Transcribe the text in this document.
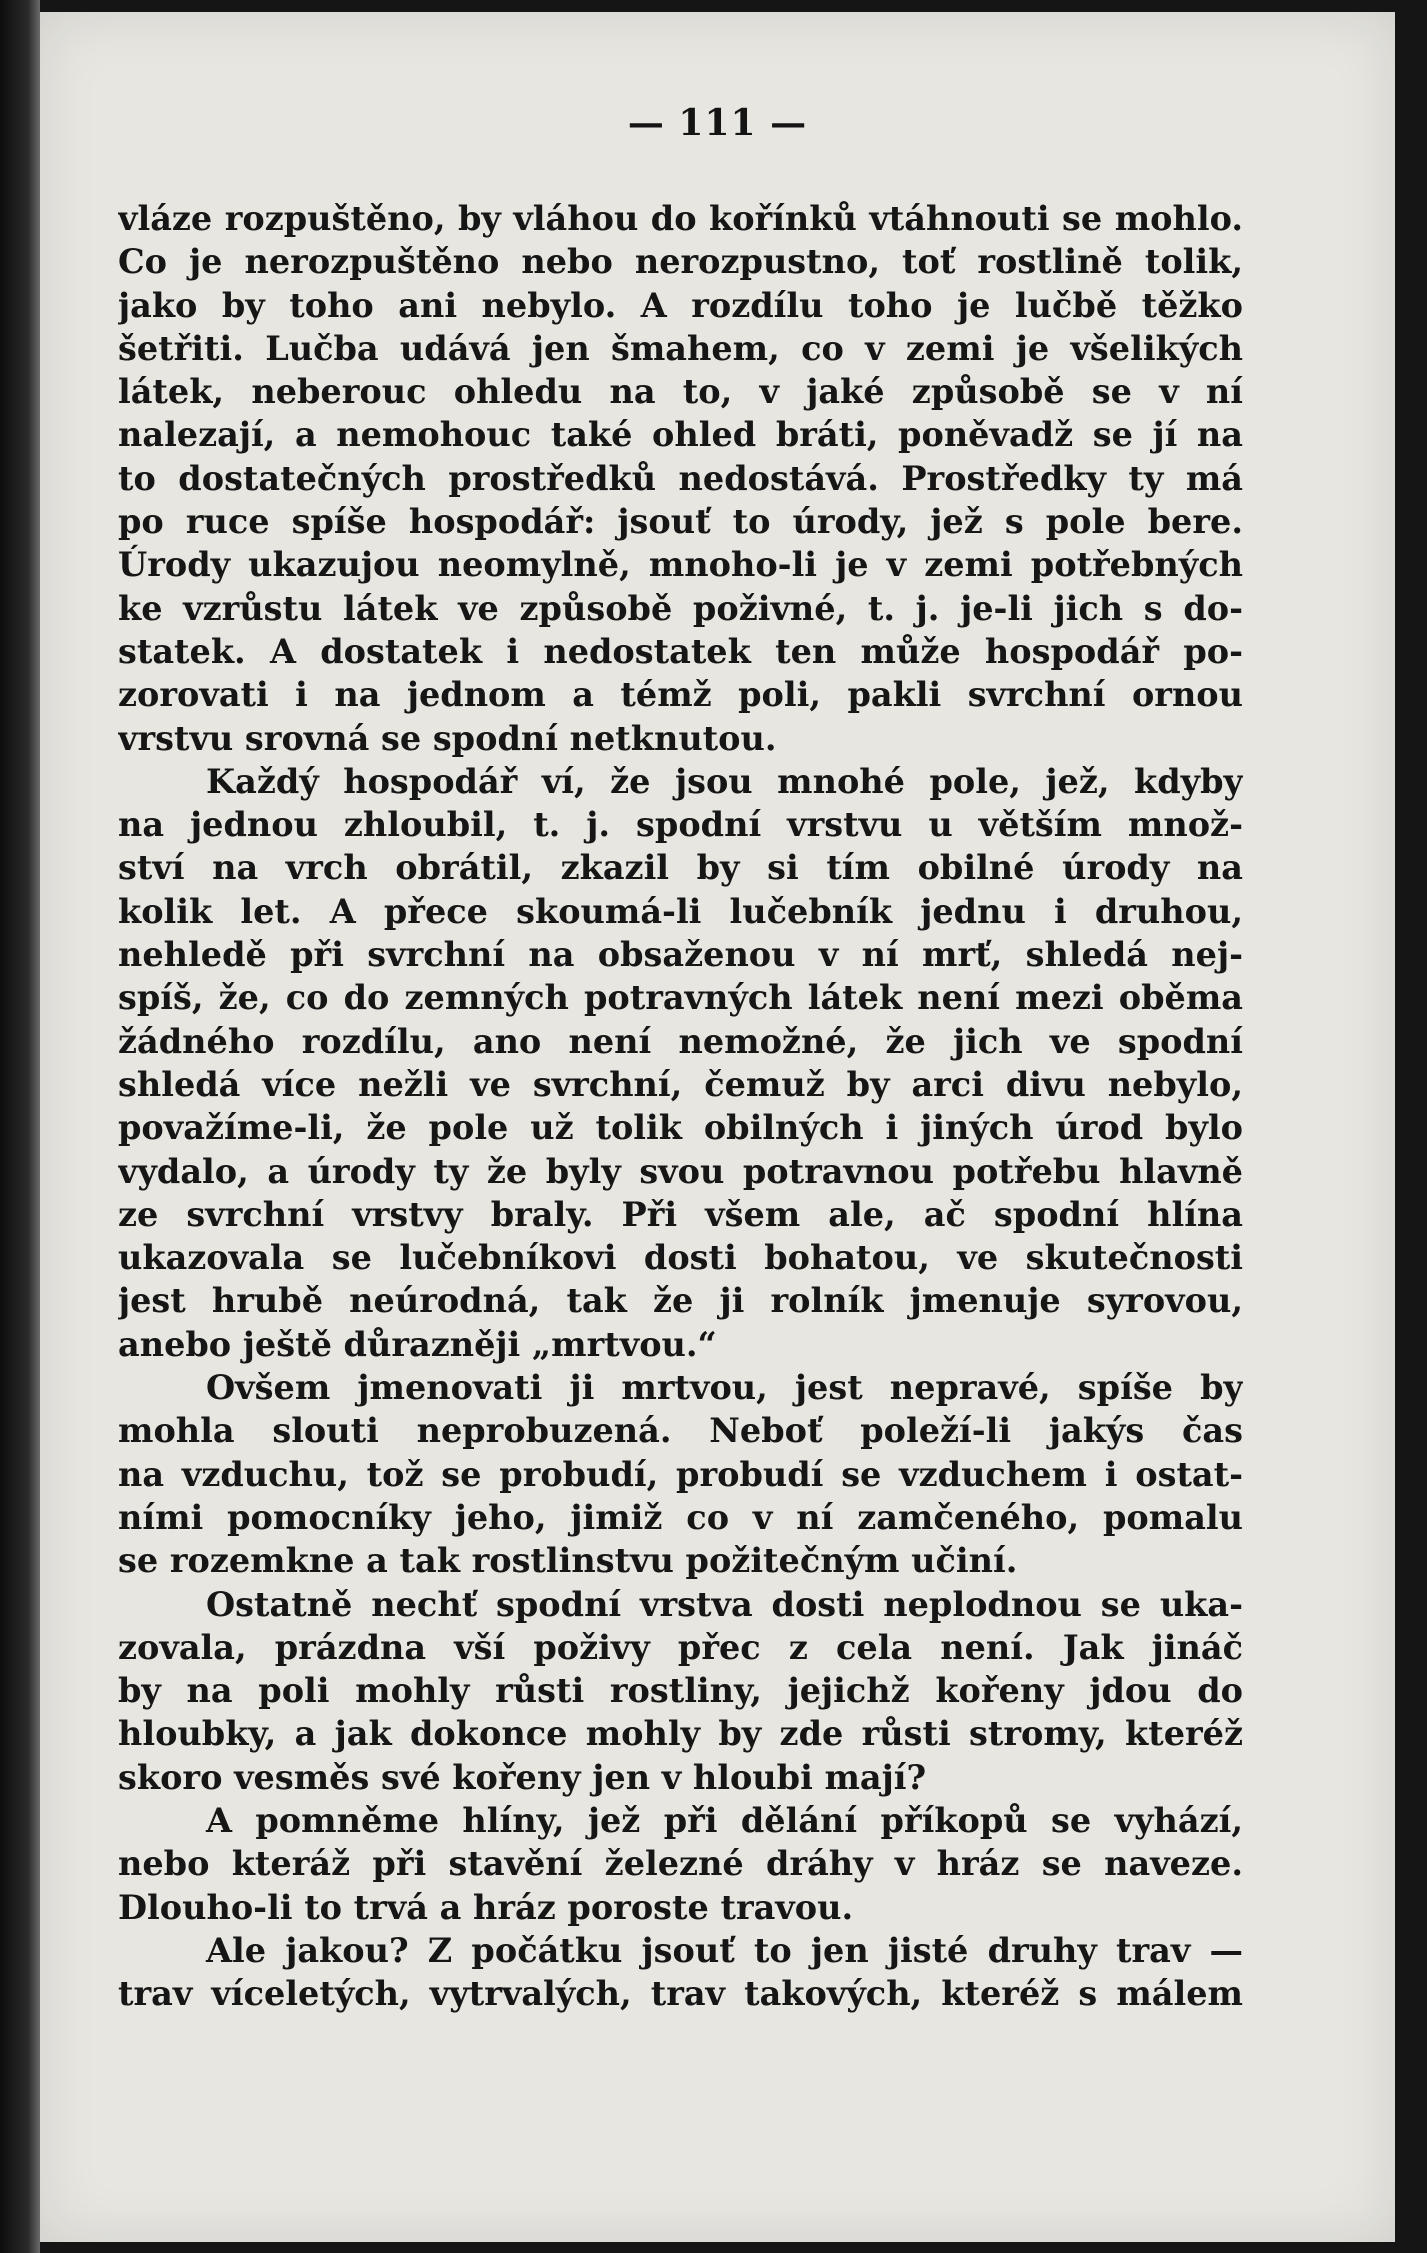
— 111 —
vláze rozpuštěno, by vláhou do kořínků vtáhnouti se mohlo.
Co je nerozpuštěno nebo nerozpustno, toť rostlině tolik,
jako by toho ani nebylo. A rozdílu toho je lučbě těžko
šetřiti. Lučba udává jen šmahem, co v zemi je všelikých
látek, neberouc ohledu na to, v jaké způsobě se v ní
nalezají, a nemohouc také ohled bráti, poněvadž se jí na
to dostatečných prostředků nedostává. Prostředky ty má
po ruce spíše hospodář: jsouť to úrody, jež s pole bere.
Úrody ukazujou neomylně, mnoho-li je v zemi potřebných
ke vzrůstu látek ve způsobě poživné, t. j. je-li jich s do-
statek. A dostatek i nedostatek ten může hospodář po-
zorovati i na jednom a témž poli, pakli svrchní ornou
vrstvu srovná se spodní netknutou.
Každý hospodář ví, že jsou mnohé pole, jež, kdyby
na jednou zhloubil, t. j. spodní vrstvu u větším množ-
ství na vrch obrátil, zkazil by si tím obilné úrody na
kolik let. A přece skoumá-li lučebník jednu i druhou,
nehledě při svrchní na obsaženou v ní mrť, shledá nej-
spíš, že, co do zemných potravných látek není mezi oběma
žádného rozdílu, ano není nemožné, že jich ve spodní
shledá více nežli ve svrchní, čemuž by arci divu nebylo,
považíme-li, že pole už tolik obilných i jiných úrod bylo
vydalo, a úrody ty že byly svou potravnou potřebu hlavně
ze svrchní vrstvy braly. Při všem ale, ač spodní hlína
ukazovala se lučebníkovi dosti bohatou, ve skutečnosti
jest hrubě neúrodná, tak že ji rolník jmenuje syrovou,
anebo ještě důrazněji „mrtvou.“
Ovšem jmenovati ji mrtvou, jest nepravé, spíše by
mohla slouti neprobuzená. Neboť poleží-li jakýs čas
na vzduchu, tož se probudí, probudí se vzduchem i ostat-
ními pomocníky jeho, jimiž co v ní zamčeného, pomalu
se rozemkne a tak rostlinstvu požitečným učiní.
Ostatně nechť spodní vrstva dosti neplodnou se uka-
zovala, prázdna vší poživy přec z cela není. Jak jináč
by na poli mohly růsti rostliny, jejichž kořeny jdou do
hloubky, a jak dokonce mohly by zde růsti stromy, kteréž
skoro vesměs své kořeny jen v hloubi mají?
A pomněme hlíny, jež při dělání příkopů se vyhází,
nebo kteráž při stavění železné dráhy v hráz se naveze.
Dlouho-li to trvá a hráz poroste travou.
Ale jakou? Z počátku jsouť to jen jisté druhy trav —
trav víceletých, vytrvalých, trav takových, kteréž s málem
